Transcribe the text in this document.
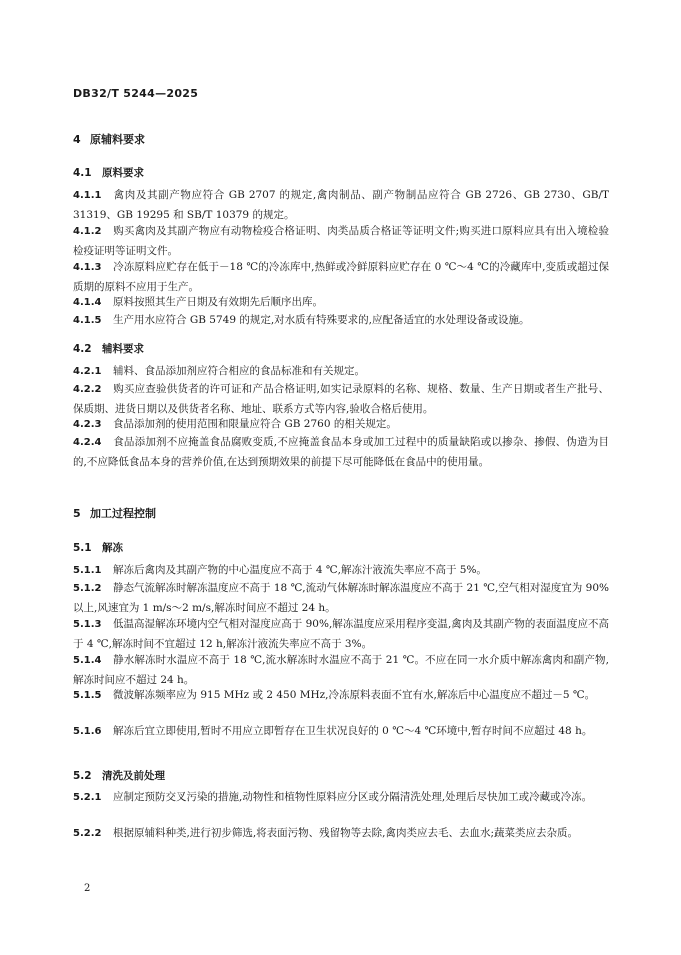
DB32/T 5244—2025
4 原辅料要求
4.1 原料要求
4.1.1 禽肉及其副产物应符合 GB 2707 的规定,禽肉制品、副产物制品应符合 GB 2726、GB 2730、GB/T 31319、GB 19295 和 SB/T 10379 的规定。
4.1.2 购买禽肉及其副产物应有动物检疫合格证明、肉类品质合格证等证明文件;购买进口原料应具有出入境检验检疫证明等证明文件。
4.1.3 冷冻原料应贮存在低于－18 ℃的冷冻库中,热鲜或冷鲜原料应贮存在 0 ℃～4 ℃的冷藏库中,变质或超过保质期的原料不应用于生产。
4.1.4 原料按照其生产日期及有效期先后顺序出库。
4.1.5 生产用水应符合 GB 5749 的规定,对水质有特殊要求的,应配备适宜的水处理设备或设施。
4.2 辅料要求
4.2.1 辅料、食品添加剂应符合相应的食品标准和有关规定。
4.2.2 购买应查验供货者的许可证和产品合格证明,如实记录原料的名称、规格、数量、生产日期或者生产批号、保质期、进货日期以及供货者名称、地址、联系方式等内容,验收合格后使用。
4.2.3 食品添加剂的使用范围和限量应符合 GB 2760 的相关规定。
4.2.4 食品添加剂不应掩盖食品腐败变质,不应掩盖食品本身或加工过程中的质量缺陷或以掺杂、掺假、伪造为目的,不应降低食品本身的营养价值,在达到预期效果的前提下尽可能降低在食品中的使用量。
5 加工过程控制
5.1 解冻
5.1.1 解冻后禽肉及其副产物的中心温度应不高于 4 ℃,解冻汁液流失率应不高于 5%。
5.1.2 静态气流解冻时解冻温度应不高于 18 ℃,流动气体解冻时解冻温度应不高于 21 ℃,空气相对湿度宜为 90% 以上,风速宜为 1 m/s～2 m/s,解冻时间应不超过 24 h。
5.1.3 低温高湿解冻环境内空气相对湿度应高于 90%,解冻温度应采用程序变温,禽肉及其副产物的表面温度应不高于 4 ℃,解冻时间不宜超过 12 h,解冻汁液流失率应不高于 3%。
5.1.4 静水解冻时水温应不高于 18 ℃,流水解冻时水温应不高于 21 ℃。不应在同一水介质中解冻禽肉和副产物,解冻时间应不超过 24 h。
5.1.5 微波解冻频率应为 915 MHz 或 2 450 MHz,冷冻原料表面不宜有水,解冻后中心温度应不超过－5 ℃。
5.1.6 解冻后宜立即使用,暂时不用应立即暂存在卫生状况良好的 0 ℃～4 ℃环境中,暂存时间不应超过 48 h。
5.2 清洗及前处理
5.2.1 应制定预防交叉污染的措施,动物性和植物性原料应分区或分隔清洗处理,处理后尽快加工或冷藏或冷冻。
5.2.2 根据原辅料种类,进行初步筛选,将表面污物、残留物等去除,禽肉类应去毛、去血水;蔬菜类应去杂质。
2
